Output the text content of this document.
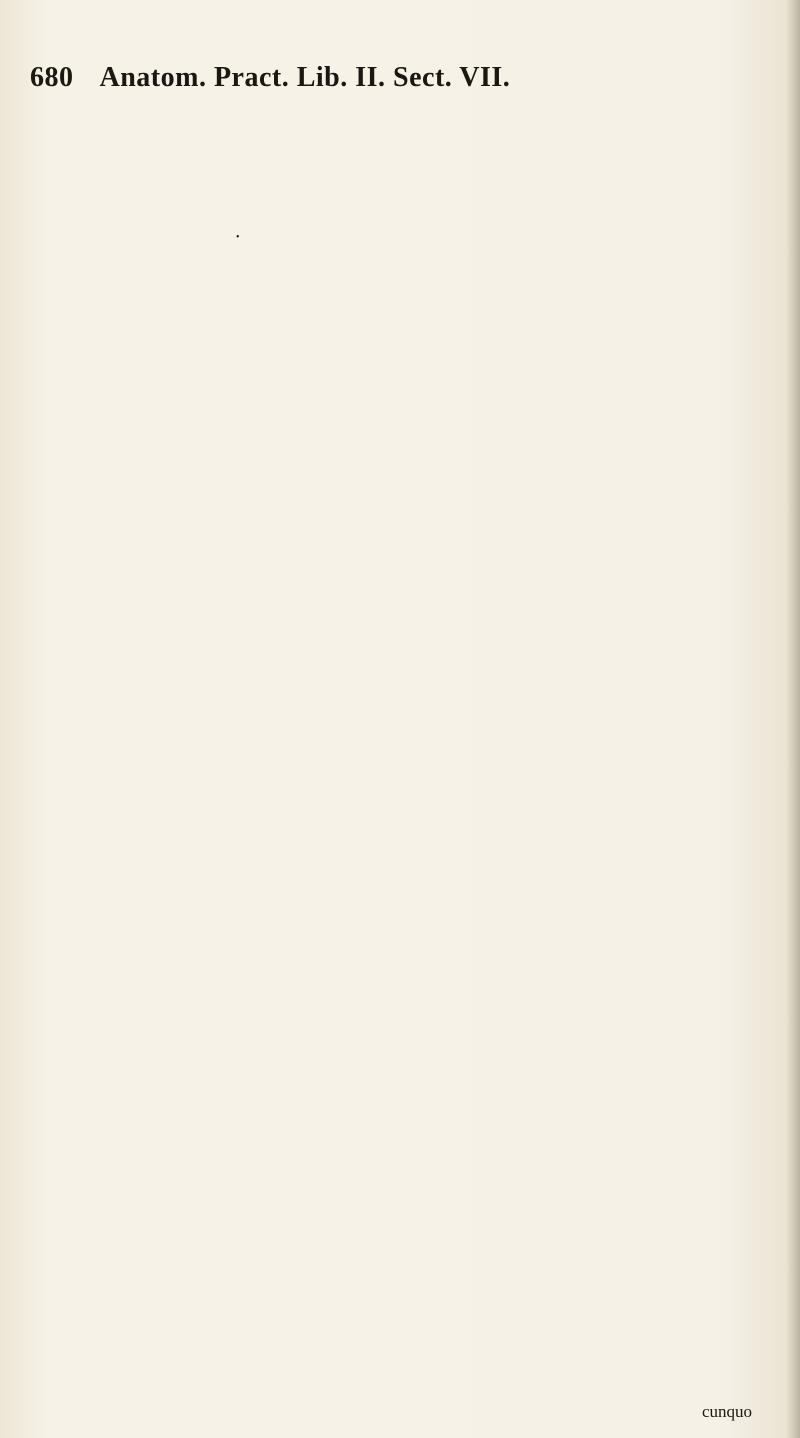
680 Anatom. Pract. Lib. II. Sect. VII.
•
cunquo
